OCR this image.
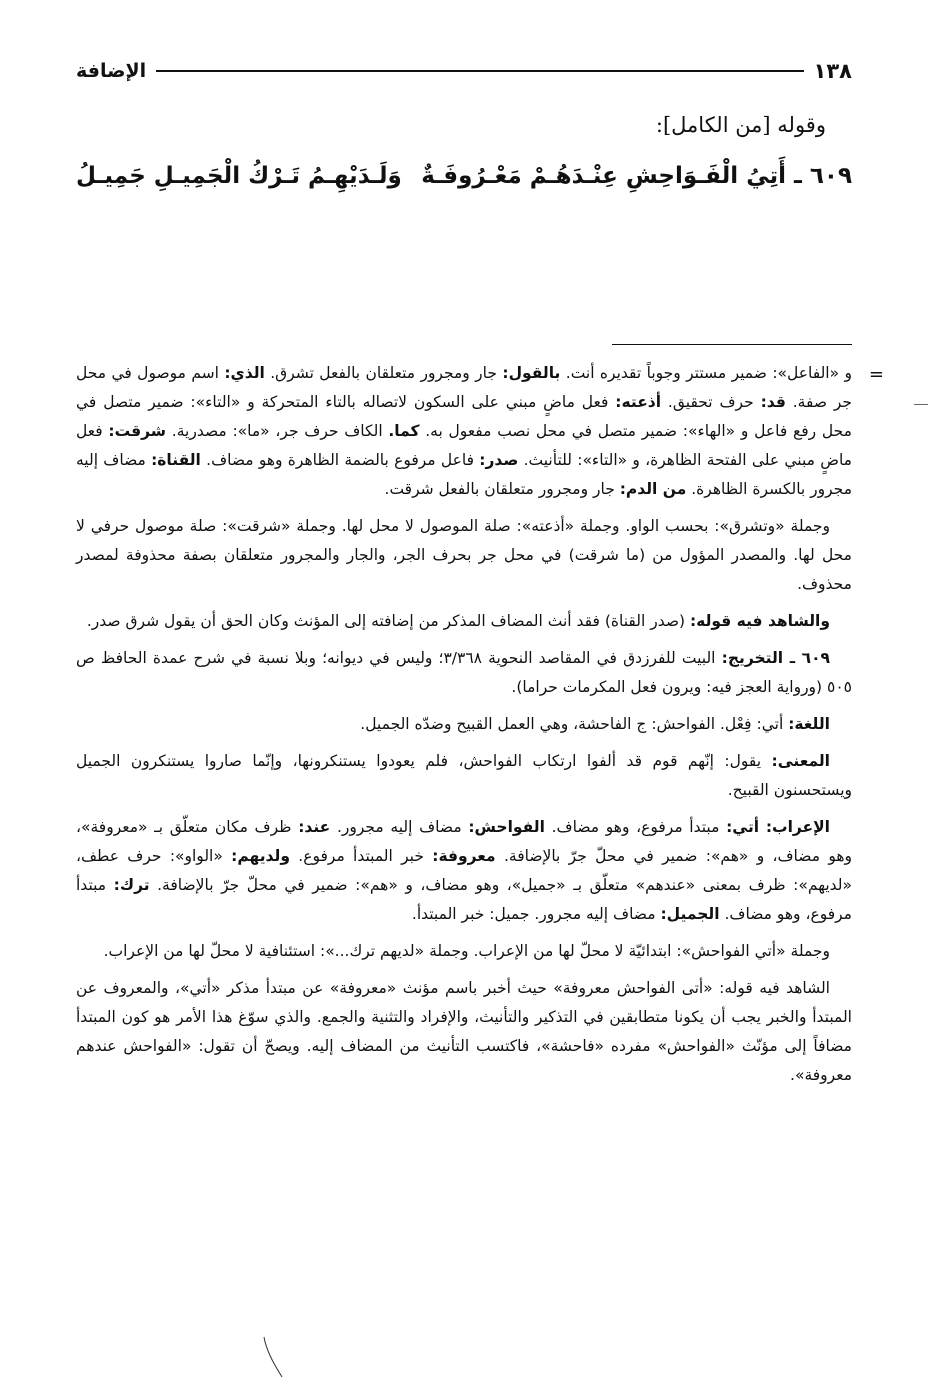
١٣٨
الإضافة
وقوله [من الكامل]:
٦٠٩ ـ أَتِيُ الْفَـوَاحِشِ عِنْـدَهُـمْ مَعْـرُوفَـةٌ
وَلَـدَيْهِـمُ تَـرْكُ الْجَمِيـلِ جَمِيـلُ
=

و «الفاعل»: ضمير مستتر وجوباً تقديره أنت. بالقول: جار ومجرور متعلقان بالفعل تشرق. الذي: اسم موصول في محل جر صفة. قد: حرف تحقيق. أذعته: فعل ماضٍ مبني على السكون لاتصاله بالتاء المتحركة و «التاء»: ضمير متصل في محل رفع فاعل و «الهاء»: ضمير متصل في محل نصب مفعول به. كما. الكاف حرف جر، «ما»: مصدرية. شرقت: فعل ماضٍ مبني على الفتحة الظاهرة، و «التاء»: للتأنيث. صدر: فاعل مرفوع بالضمة الظاهرة وهو مضاف. القناة: مضاف إليه مجرور بالكسرة الظاهرة. من الدم: جار ومجرور متعلقان بالفعل شرقت.

وجملة «وتشرق»: بحسب الواو. وجملة «أذعته»: صلة الموصول لا محل لها. وجملة «شرقت»: صلة موصول حرفي لا محل لها. والمصدر المؤول من (ما شرقت) في محل جر بحرف الجر، والجار والمجرور متعلقان بصفة محذوفة لمصدر محذوف.

والشاهد فيه قوله: (صدر القناة) فقد أنث المضاف المذكر من إضافته إلى المؤنث وكان الحق أن يقول شرق صدر.

٦٠٩ ـ التخريج: البيت للفرزدق في المقاصد النحوية ٣/٣٦٨؛ وليس في ديوانه؛ وبلا نسبة في شرح عمدة الحافظ ص ٥٠٥ (ورواية العجز فيه: ويرون فعل المكرمات حراما).

اللغة: أتي: فِعْل. الفواحش: ج الفاحشة، وهي العمل القبيح وضدّه الجميل.

المعنى: يقول: إنّهم قوم قد ألفوا ارتكاب الفواحش، فلم يعودوا يستنكرونها، وإنّما صاروا يستنكرون الجميل ويستحسنون القبيح.

الإعراب: أتي: مبتدأ مرفوع، وهو مضاف. الفواحش: مضاف إليه مجرور. عند: ظرف مكان متعلّق بـ «معروفة»، وهو مضاف، و «هم»: ضمير في محلّ جرّ بالإضافة. معروفة: خبر المبتدأ مرفوع. ولديهم: «الواو»: حرف عطف، «لديهم»: ظرف بمعنى «عندهم» متعلّق بـ «جميل»، وهو مضاف، و «هم»: ضمير في محلّ جرّ بالإضافة. ترك: مبتدأ مرفوع، وهو مضاف. الجميل: مضاف إليه مجرور. جميل: خبر المبتدأ.

وجملة «أتي الفواحش»: ابتدائيّة لا محلّ لها من الإعراب. وجملة «لديهم ترك...»: استئنافية لا محلّ لها من الإعراب.

الشاهد فيه قوله: «أتى الفواحش معروفة» حيث أخبر باسم مؤنث «معروفة» عن مبتدأ مذكر «أتي»، والمعروف عن المبتدأ والخبر يجب أن يكونا متطابقين في التذكير والتأنيث، والإفراد والتثنية والجمع. والذي سوّغ هذا الأمر هو كون المبتدأ مضافاً إلى مؤنّث «الفواحش» مفرده «فاحشة»، فاكتسب التأنيث من المضاف إليه. ويصحّ أن تقول: «الفواحش عندهم معروفة».
